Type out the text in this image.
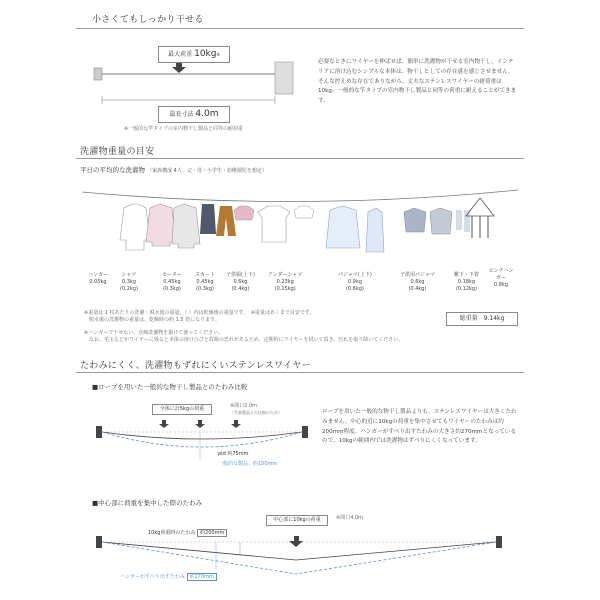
小さくてもしっかり干せる
最大荷重 10kg※
最長寸法 4.0m
※一般的な竿タイプの室内物干し製品と同等の耐荷重
必要なときにワイヤーを伸ばせば、簡単に洗濯物が干せる室内物干し。インテリアに溶け込むシンプルな本体は、物干しとしての存在感を感じさせません。そんな控えめな存在でありながら、丈夫なステンレスワイヤーの耐荷重は10kg。一般的な竿タイプの室内物干し製品と同等の荷重に耐えることができます。
洗濯物重量の目安
平日の平均的な洗濯物 （家族構成 4人：父・母・小学生・幼稚園児を想定）
ハンガー
0.05kg
シャツ
0.3kg
(0.2kg)
セーター
0.45kg
(0.3kg)
スカート
0.45kg
(0.3kg)
子供服(上下)
0.6kg
(0.4kg)
アンダーシャツ
0.23kg
(0.15kg)
パジャマ(上下)
0.9kg
(0.6kg)
子供用パジャマ
0.6kg
(0.4kg)
靴下・下着
0.18kg
(0.12kg)
ピンチハンガー
0.8kg
※重量は 1 枚あたりの洗濯・脱水後の重量。（ ）内は乾燥後の重量です。　※重量はあくまで目安です。
　脱水後の洗濯物の重量は、乾燥時の約 1.5 倍になります。
※ハンガーで干せない、直線洗濯物を掛けて使ってください。
　なお、毛玉などがワイヤーに残ると本体の溶けひびと故障の恐れがあるため、定期的にワイヤーを拭いて頂き、汚れを取り除いてください。
総重量　 9.14kg
たわみにくく、洗濯物もずれにくいステンレスワイヤー
■ロープを用いた一般的な物干し製品とのたわみ比較
全体に計5kgの荷重	※間口2.0m
（竿東製品との比較のため）
pid 約75mm
一般的な製品：約150mm
ロープを用いた一般的な物干し製品よりも、ステンレスワイヤーは大きくたわみません。中心的近に10kgの荷重を集中させてもワイヤーのたわみは約200mm程度。ハンガーがすべり出すたわみの大きさ約270mmとなっているので、10kgの範囲内では洗濯物はずべりにくくなっています。
■中心部に荷重を集中した際のたわみ
中心部に10kgの荷重	※間口4.0m
10kg荷重時のたわみ 約200mm
ハンガーがすべり出すたわみ 約270mm
